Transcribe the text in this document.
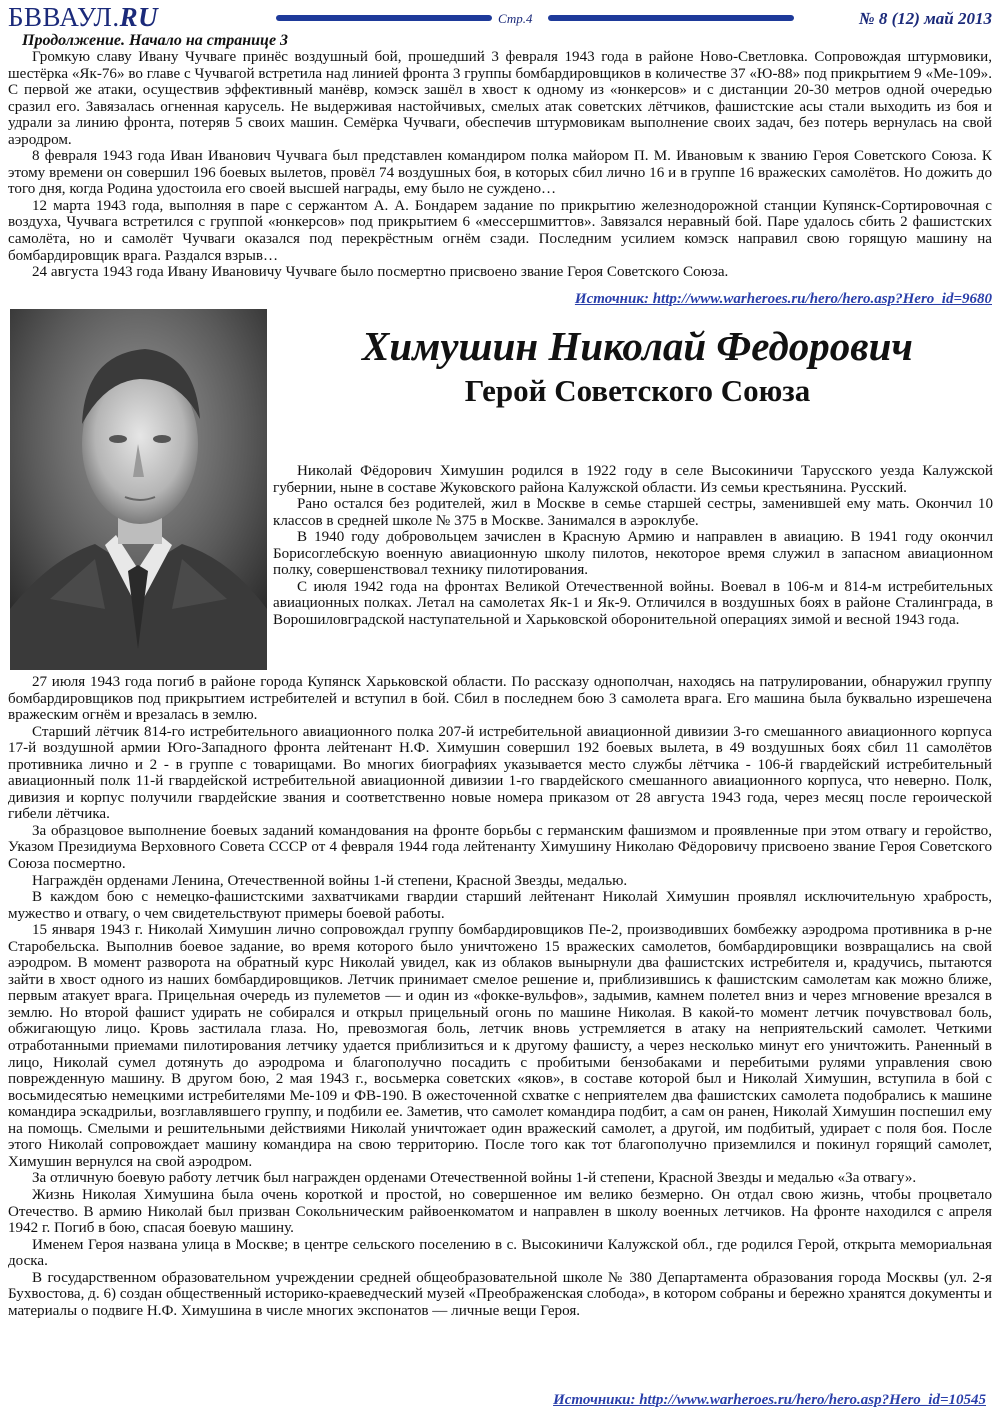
БВВАУЛ.RU	Стр.4	№ 8 (12) май 2013
Продолжение. Начало на странице 3

Громкую славу Ивану Чучваге принёс воздушный бой, прошедший 3 февраля 1943 года в районе Ново-Светловка. Сопровождая штурмовики, шестёрка «Як-76» во главе с Чучвагой встретила над линией фронта 3 группы бомбардировщиков в количестве 37 «Ю-88» под прикрытием 9 «Ме-109». С первой же атаки, осуществив эффективный манёвр, комэск зашёл в хвост к одному из «юнкерсов» и с дистанции 20-30 метров одной очередью сразил его. Завязалась огненная карусель. Не выдерживая настойчивых, смелых атак советских лётчиков, фашистские асы стали выходить из боя и удрали за линию фронта, потеряв 5 своих машин. Семёрка Чучваги, обеспечив штурмовикам выполнение своих задач, без потерь вернулась на свой аэродром.

8 февраля 1943 года Иван Иванович Чучвага был представлен командиром полка майором П. М. Ивановым к званию Героя Советского Союза. К этому времени он совершил 196 боевых вылетов, провёл 74 воздушных боя, в которых сбил лично 16 и в группе 16 вражеских самолётов. Но дожить до того дня, когда Родина удостоила его своей высшей награды, ему было не суждено…

12 марта 1943 года, выполняя в паре с сержантом А. А. Бондарем задание по прикрытию железнодорожной станции Купянск-Сортировочная с воздуха, Чучвага встретился с группой «юнкерсов» под прикрытием 6 «мессершмиттов». Завязался неравный бой. Паре удалось сбить 2 фашистских самолёта, но и самолёт Чучваги оказался под перекрёстным огнём сзади. Последним усилием комэск направил свою горящую машину на бомбардировщик врага. Раздался взрыв…

24 августа 1943 года Ивану Ивановичу Чучваге было посмертно присвоено звание Героя Советского Союза.

Источник: http://www.warheroes.ru/hero/hero.asp?Hero_id=9680
Химушин Николай Федорович
Герой Советского Союза

Николай Фёдорович Химушин родился в 1922 году в селе Высокиничи Тарусского уезда Калужской губернии, ныне в составе Жуковского района Калужской области. Из семьи крестьянина. Русский.

Рано остался без родителей, жил в Москве в семье старшей сестры, заменившей ему мать. Окончил 10 классов в средней школе № 375 в Москве. Занимался в аэроклубе.

В 1940 году добровольцем зачислен в Красную Армию и направлен в авиацию. В 1941 году окончил Борисоглебскую военную авиационную школу пилотов, некоторое время служил в запасном авиационном полку, совершенствовал технику пилотирования.

С июля 1942 года на фронтах Великой Отечественной войны. Воевал в 106-м и 814-м истребительных авиационных полках. Летал на самолетах Як-1 и Як-9. Отличился в воздушных боях в районе Сталинграда, в Ворошиловградской наступательной и Харьковской оборонительной операциях зимой и весной 1943 года.

27 июля 1943 года погиб в районе города Купянск Харьковской области. По рассказу однополчан, находясь на патрулировании, обнаружил группу бомбардировщиков под прикрытием истребителей и вступил в бой. Сбил в последнем бою 3 самолета врага. Его машина была буквально изрешечена вражеским огнём и врезалась в землю.

Старший лётчик 814-го истребительного авиационного полка 207-й истребительной авиационной дивизии 3-го смешанного авиационного корпуса 17-й воздушной армии Юго-Западного фронта лейтенант Н.Ф. Химушин совершил 192 боевых вылета, в 49 воздушных боях сбил 11 самолётов противника лично и 2 - в группе с товарищами. Во многих биографиях указывается место службы лётчика - 106-й гвардейский истребительный авиационный полк 11-й гвардейской истребительной авиационной дивизии 1-го гвардейского смешанного авиационного корпуса, что неверно. Полк, дивизия и корпус получили гвардейские звания и соответственно новые номера приказом от 28 августа 1943 года, через месяц после героической гибели лётчика.

За образцовое выполнение боевых заданий командования на фронте борьбы с германским фашизмом и проявленные при этом отвагу и геройство, Указом Президиума Верховного Совета СССР от 4 февраля 1944 года лейтенанту Химушину Николаю Фёдоровичу присвоено звание Героя Советского Союза посмертно.

Награждён орденами Ленина, Отечественной войны 1-й степени, Красной Звезды, медалью.

В каждом бою с немецко-фашистскими захватчиками гвардии старший лейтенант Николай Химушин проявлял исключительную храбрость, мужество и отвагу, о чем свидетельствуют примеры боевой работы.

15 января 1943 г. Николай Химушин лично сопровождал группу бомбардировщиков Пе-2, производивших бомбежку аэродрома противника в р-не Старобельска. Выполнив боевое задание, во время которого было уничтожено 15 вражеских самолетов, бомбардировщики возвращались на свой аэродром. В момент разворота на обратный курс Николай увидел, как из облаков вынырнули два фашистских истребителя и, крадучись, пытаются зайти в хвост одного из наших бомбардировщиков. Летчик принимает смелое решение и, приблизившись к фашистским самолетам как можно ближе, первым атакует врага. Прицельная очередь из пулеметов — и один из «фокке-вульфов», задымив, камнем полетел вниз и через мгновение врезался в землю. Но второй фашист удирать не собирался и открыл прицельный огонь по машине Николая. В какой-то момент летчик почувствовал боль, обжигающую лицо. Кровь застилала глаза. Но, превозмогая боль, летчик вновь устремляется в атаку на неприятельский самолет. Четкими отработанными приемами пилотирования летчику удается приблизиться и к другому фашисту, а через несколько минут его уничтожить. Раненный в лицо, Николай сумел дотянуть до аэродрома и благополучно посадить с пробитыми бензобаками и перебитыми рулями управления свою поврежденную машину. В другом бою, 2 мая 1943 г., восьмерка советских «яков», в составе которой был и Николай Химушин, вступила в бой с восьмидесятью немецкими истребителями Ме-109 и ФВ-190. В ожесточенной схватке с неприятелем два фашистских самолета подобрались к машине командира эскадрильи, возглавлявшего группу, и подбили ее. Заметив, что самолет командира подбит, а сам он ранен, Николай Химушин поспешил ему на помощь. Смелыми и решительными действиями Николай уничтожает один вражеский самолет, а другой, им подбитый, удирает с поля боя. После этого Николай сопровождает машину командира на свою территорию. После того как тот благополучно приземлился и покинул горящий самолет, Химушин вернулся на свой аэродром.

За отличную боевую работу летчик был награжден орденами Отечественной войны 1-й степени, Красной Звезды и медалью «За отвагу».

Жизнь Николая Химушина была очень короткой и простой, но совершенное им велико безмерно. Он отдал свою жизнь, чтобы процветало Отечество. В армию Николай был призван Сокольническим райвоенкоматом и направлен в школу военных летчиков. На фронте находился с апреля 1942 г. Погиб в бою, спасая боевую машину.

Именем Героя названа улица в Москве; в центре сельского поселению в с. Высокиничи Калужской обл., где родился Герой, открыта мемориальная доска.

В государственном образовательном учреждении средней общеобразовательной школе № 380 Департамента образования города Москвы (ул. 2-я Бухвостова, д. 6) создан общественный историко-краеведческий музей «Преображенская слобода», в котором собраны и бережно хранятся документы и материалы о подвиге Н.Ф. Химушина в числе многих экспонатов — личные вещи Героя.

Источники: http://www.warheroes.ru/hero/hero.asp?Hero_id=10545
